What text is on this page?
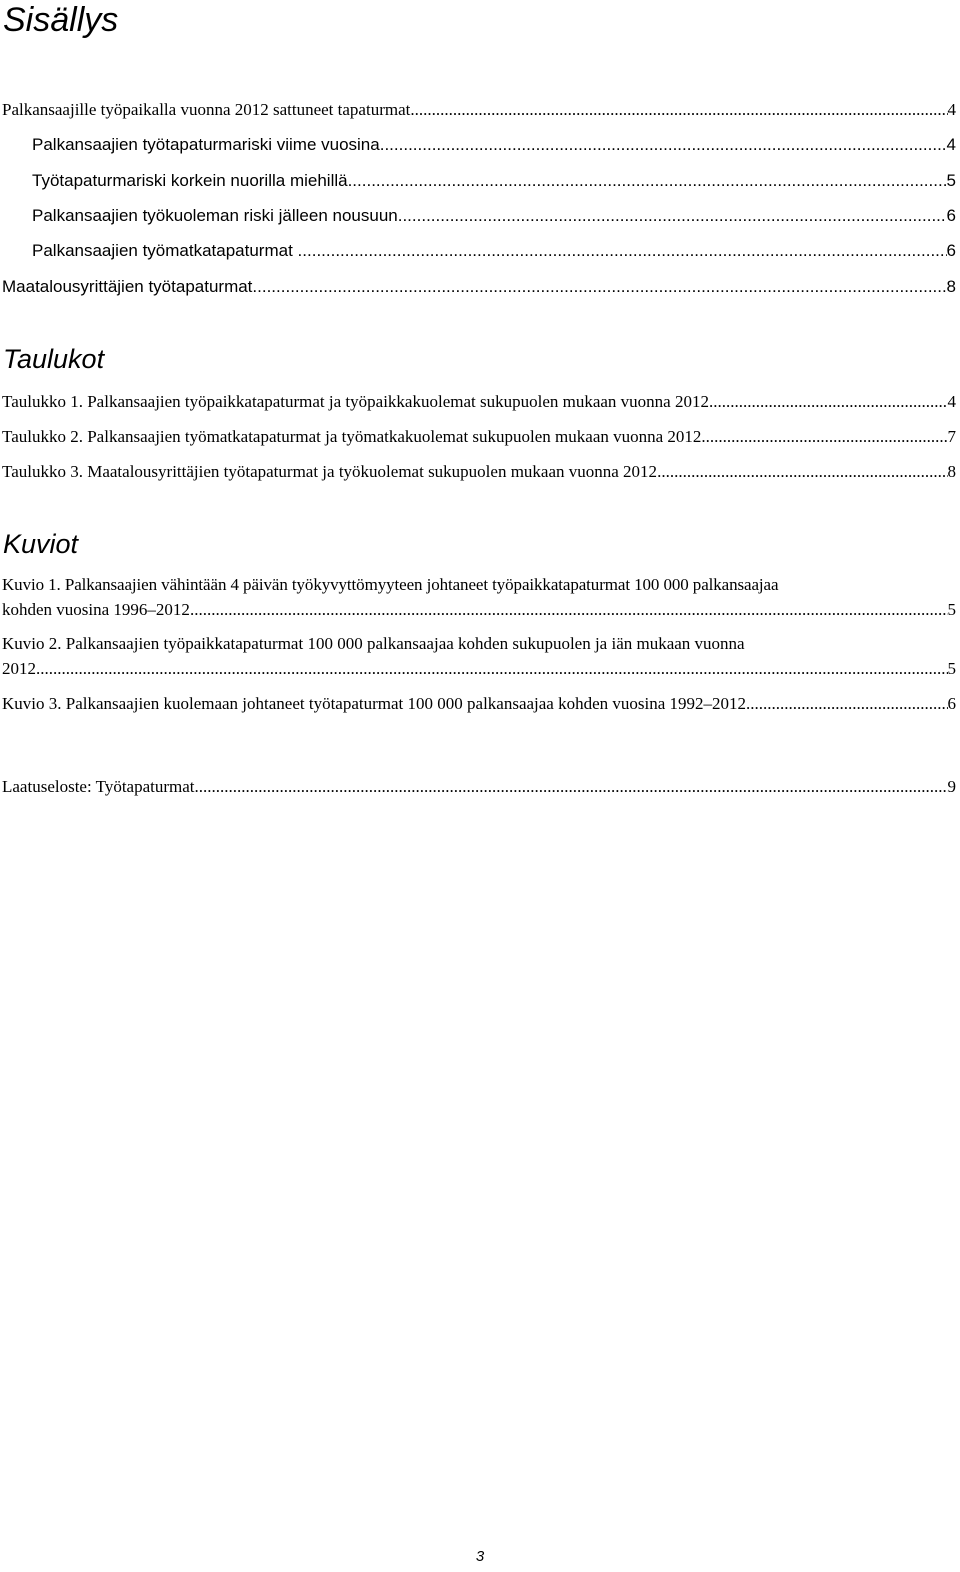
Sisällys
Palkansaajille työpaikalla vuonna 2012 sattuneet tapaturmat .....	4
Palkansaajien työtapaturmariski viime vuosina .....	4
Työtapaturmariski korkein nuorilla miehillä .....	5
Palkansaajien työkuoleman riski jälleen nousuun .....	6
Palkansaajien työmatkatapaturmat .....	6
Maatalousyrittäjien työtapaturmat .....	8
Taulukot
Taulukko 1. Palkansaajien työpaikkatapaturmat ja työpaikkakuolemat sukupuolen mukaan vuonna 2012 .....	4
Taulukko 2. Palkansaajien työmatkatapaturmat ja työmatkakuolemat sukupuolen mukaan vuonna 2012 .....	7
Taulukko 3. Maatalousyrittäjien työtapaturmat ja työkuolemat sukupuolen mukaan vuonna 2012 .....	8
Kuviot
Kuvio 1. Palkansaajien vähintään 4 päivän työkyvyttömyyteen johtaneet työpaikkatapaturmat 100 000 palkansaajaa
kohden vuosina 1996–2012 .....	5
Kuvio 2. Palkansaajien työpaikkatapaturmat 100 000 palkansaajaa kohden sukupuolen ja iän mukaan vuonna
2012 .....	5
Kuvio 3. Palkansaajien kuolemaan johtaneet työtapaturmat 100 000 palkansaajaa kohden vuosina 1992–2012 .....	6
Laatuseloste: Työtapaturmat .....	9
3
